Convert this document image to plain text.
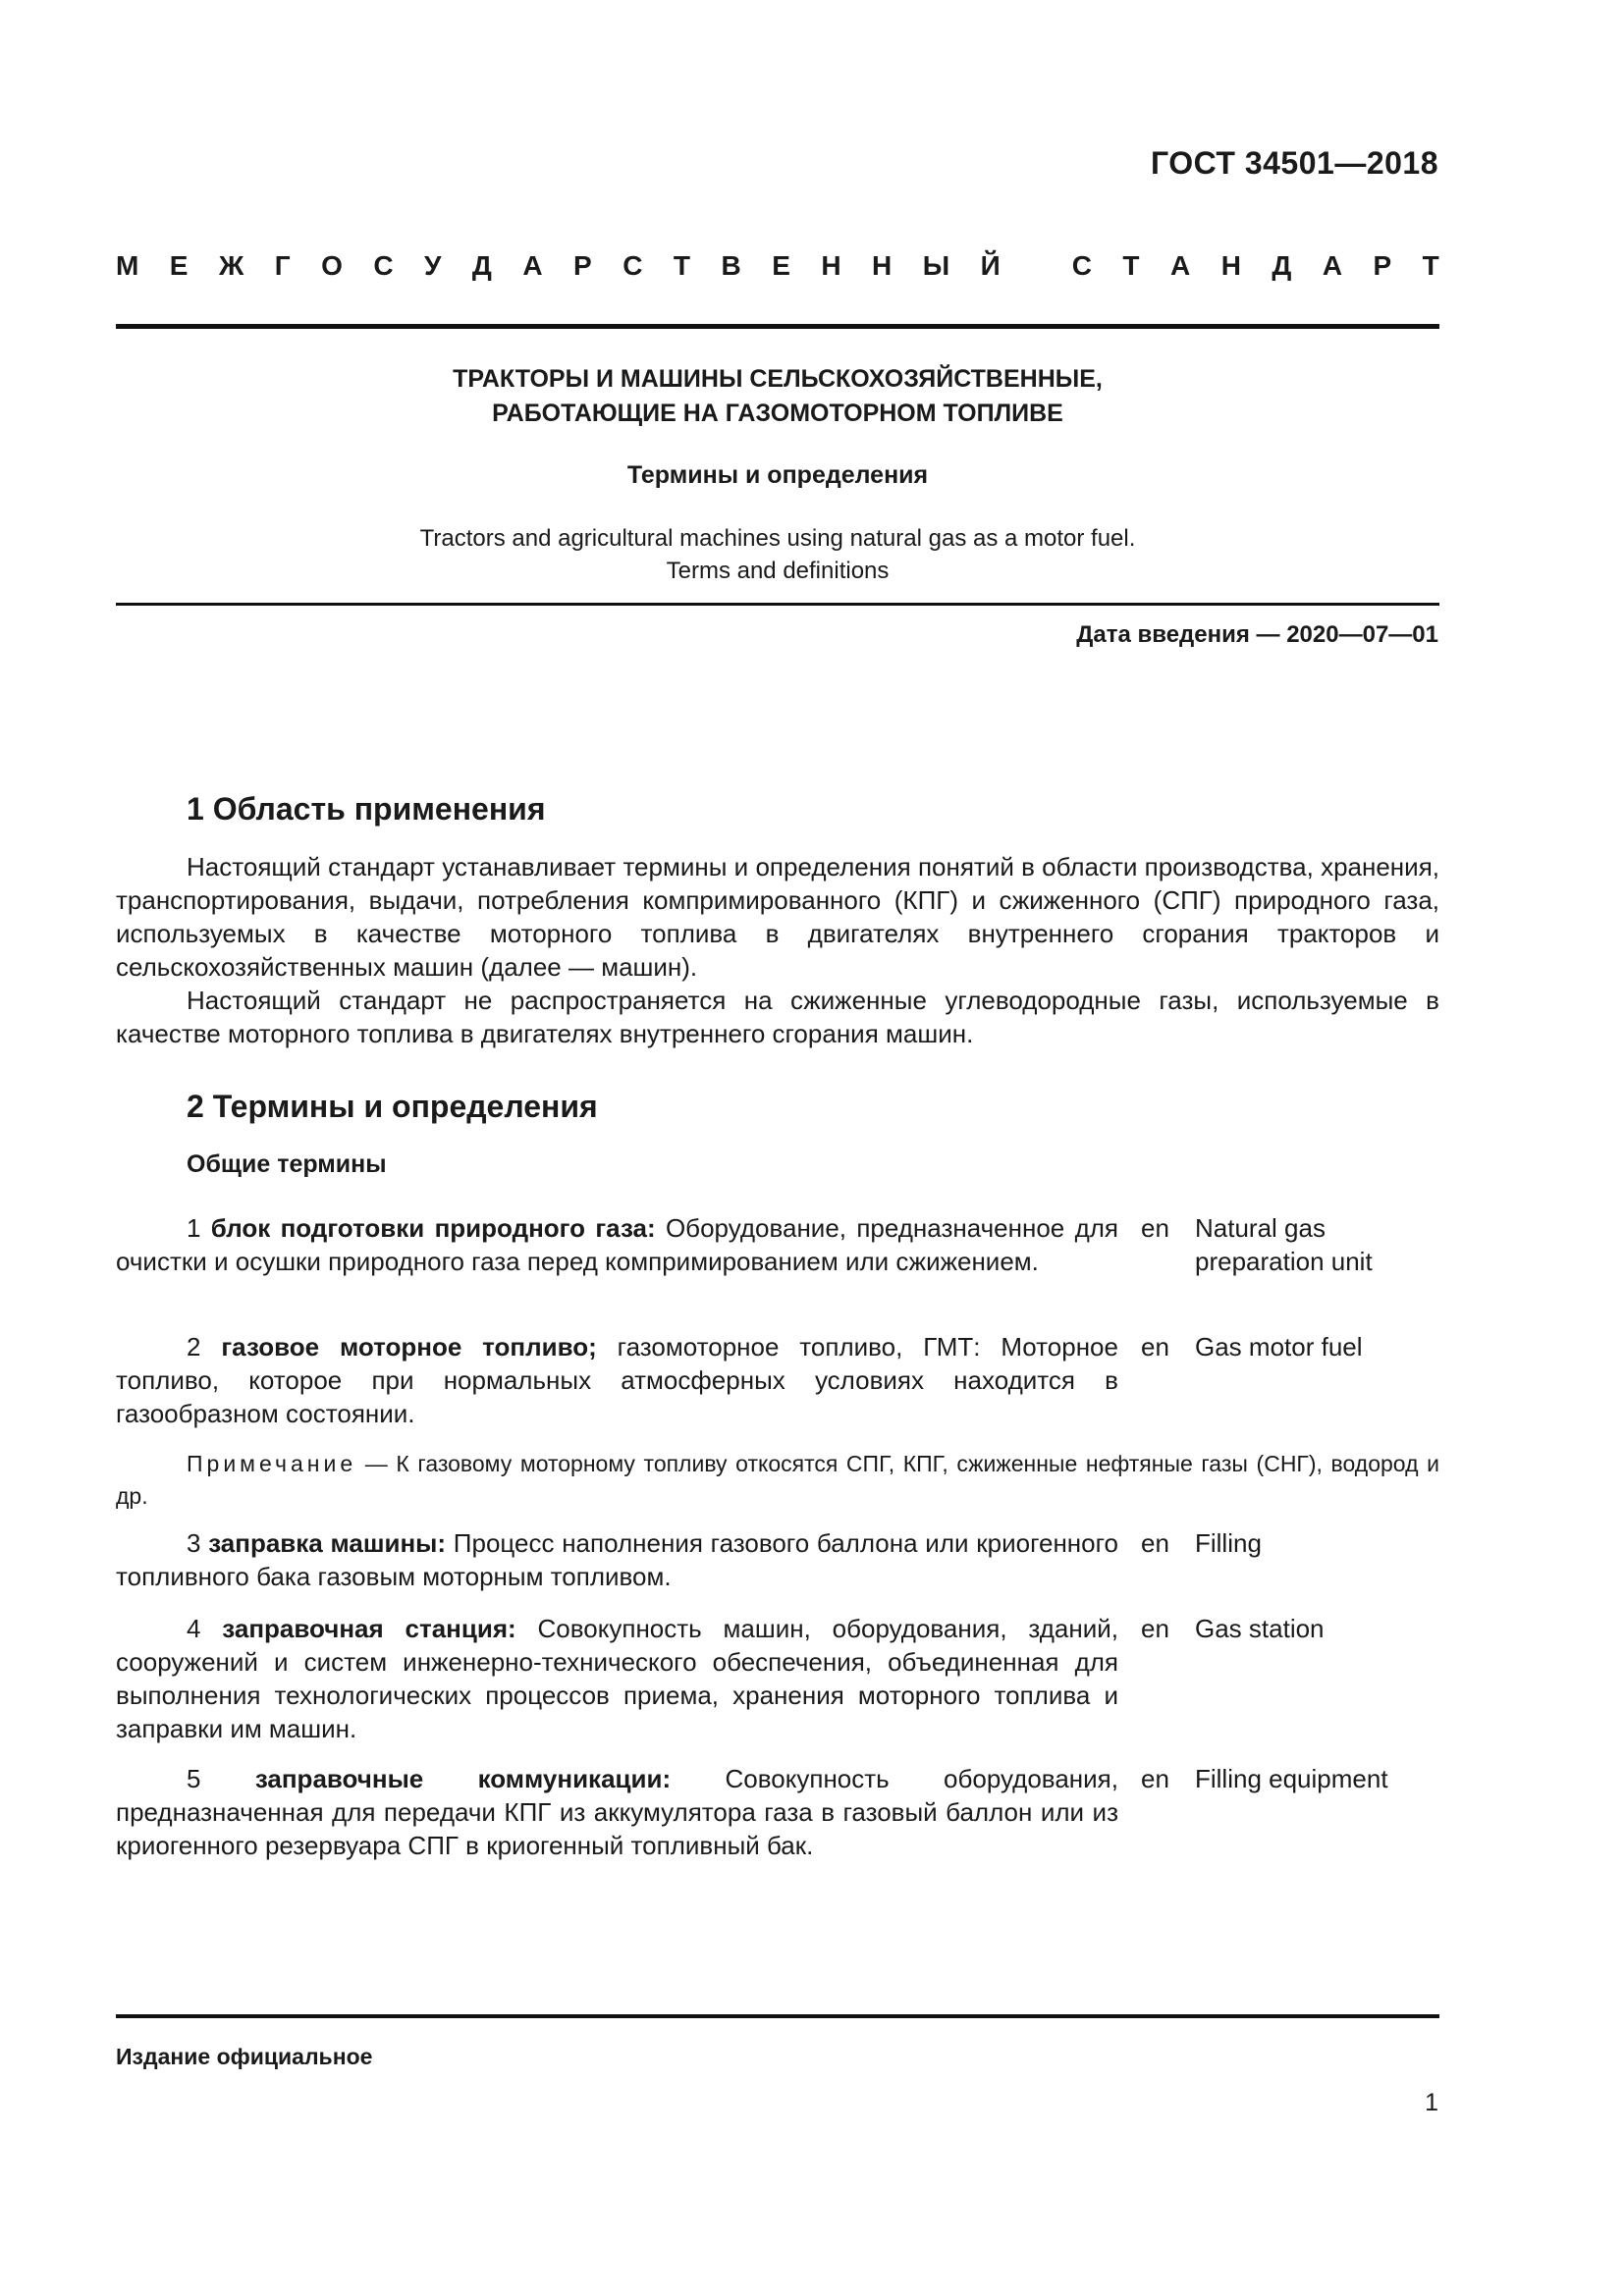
ГОСТ 34501—2018
М Е Ж Г О С У Д А Р С Т В Е Н Н Ы Й
	С Т А Н Д А Р Т
ТРАКТОРЫ И МАШИНЫ СЕЛЬСКОХОЗЯЙСТВЕННЫЕ,
РАБОТАЮЩИЕ НА ГАЗОМОТОРНОМ ТОПЛИВЕ
Термины и определения
Tractors and agricultural machines using natural gas as a motor fuel.
Terms and definitions
Дата введения — 2020—07—01
1 Область применения

Настоящий стандарт устанавливает термины и определения понятий в области производства, хранения, транспортирования, выдачи, потребления компримированного (КПГ) и сжиженного (СПГ) природного газа, используемых в качестве моторного топлива в двигателях внутреннего сгорания тракторов и сельскохозяйственных машин (далее — машин).

Настоящий стандарт не распространяется на сжиженные углеводородные газы, используемые в качестве моторного топлива в двигателях внутреннего сгорания машин.

2 Термины и определения
Общие термины
1 блок подготовки природного газа: Оборудование, предназначенное для очистки и осушки природного газа перед компримированием или сжижением.
en Natural gas preparation unit
2 газовое моторное топливо; газомоторное топливо, ГМТ: Моторное топливо, которое при нормальных атмосферных условиях находится в газообразном состоянии.
en Gas motor fuel
Примечание — К газовому моторному топливу откосятся СПГ, КПГ, сжиженные нефтяные газы (СНГ), водород и др.
3 заправка машины: Процесс наполнения газового баллона или криогенного топливного бака газовым моторным топливом.
en Filling
4 заправочная станция: Совокупность машин, оборудования, зданий, сооружений и систем инженерно-технического обеспечения, объединенная для выполнения технологических процессов приема, хранения моторного топлива и заправки им машин.
en Gas station
5 заправочные коммуникации: Совокупность оборудования, предназначенная для передачи КПГ из аккумулятора газа в газовый баллон или из криогенного резервуара СПГ в криогенный топливный бак.
en Filling equipment
Издание официальное
1
